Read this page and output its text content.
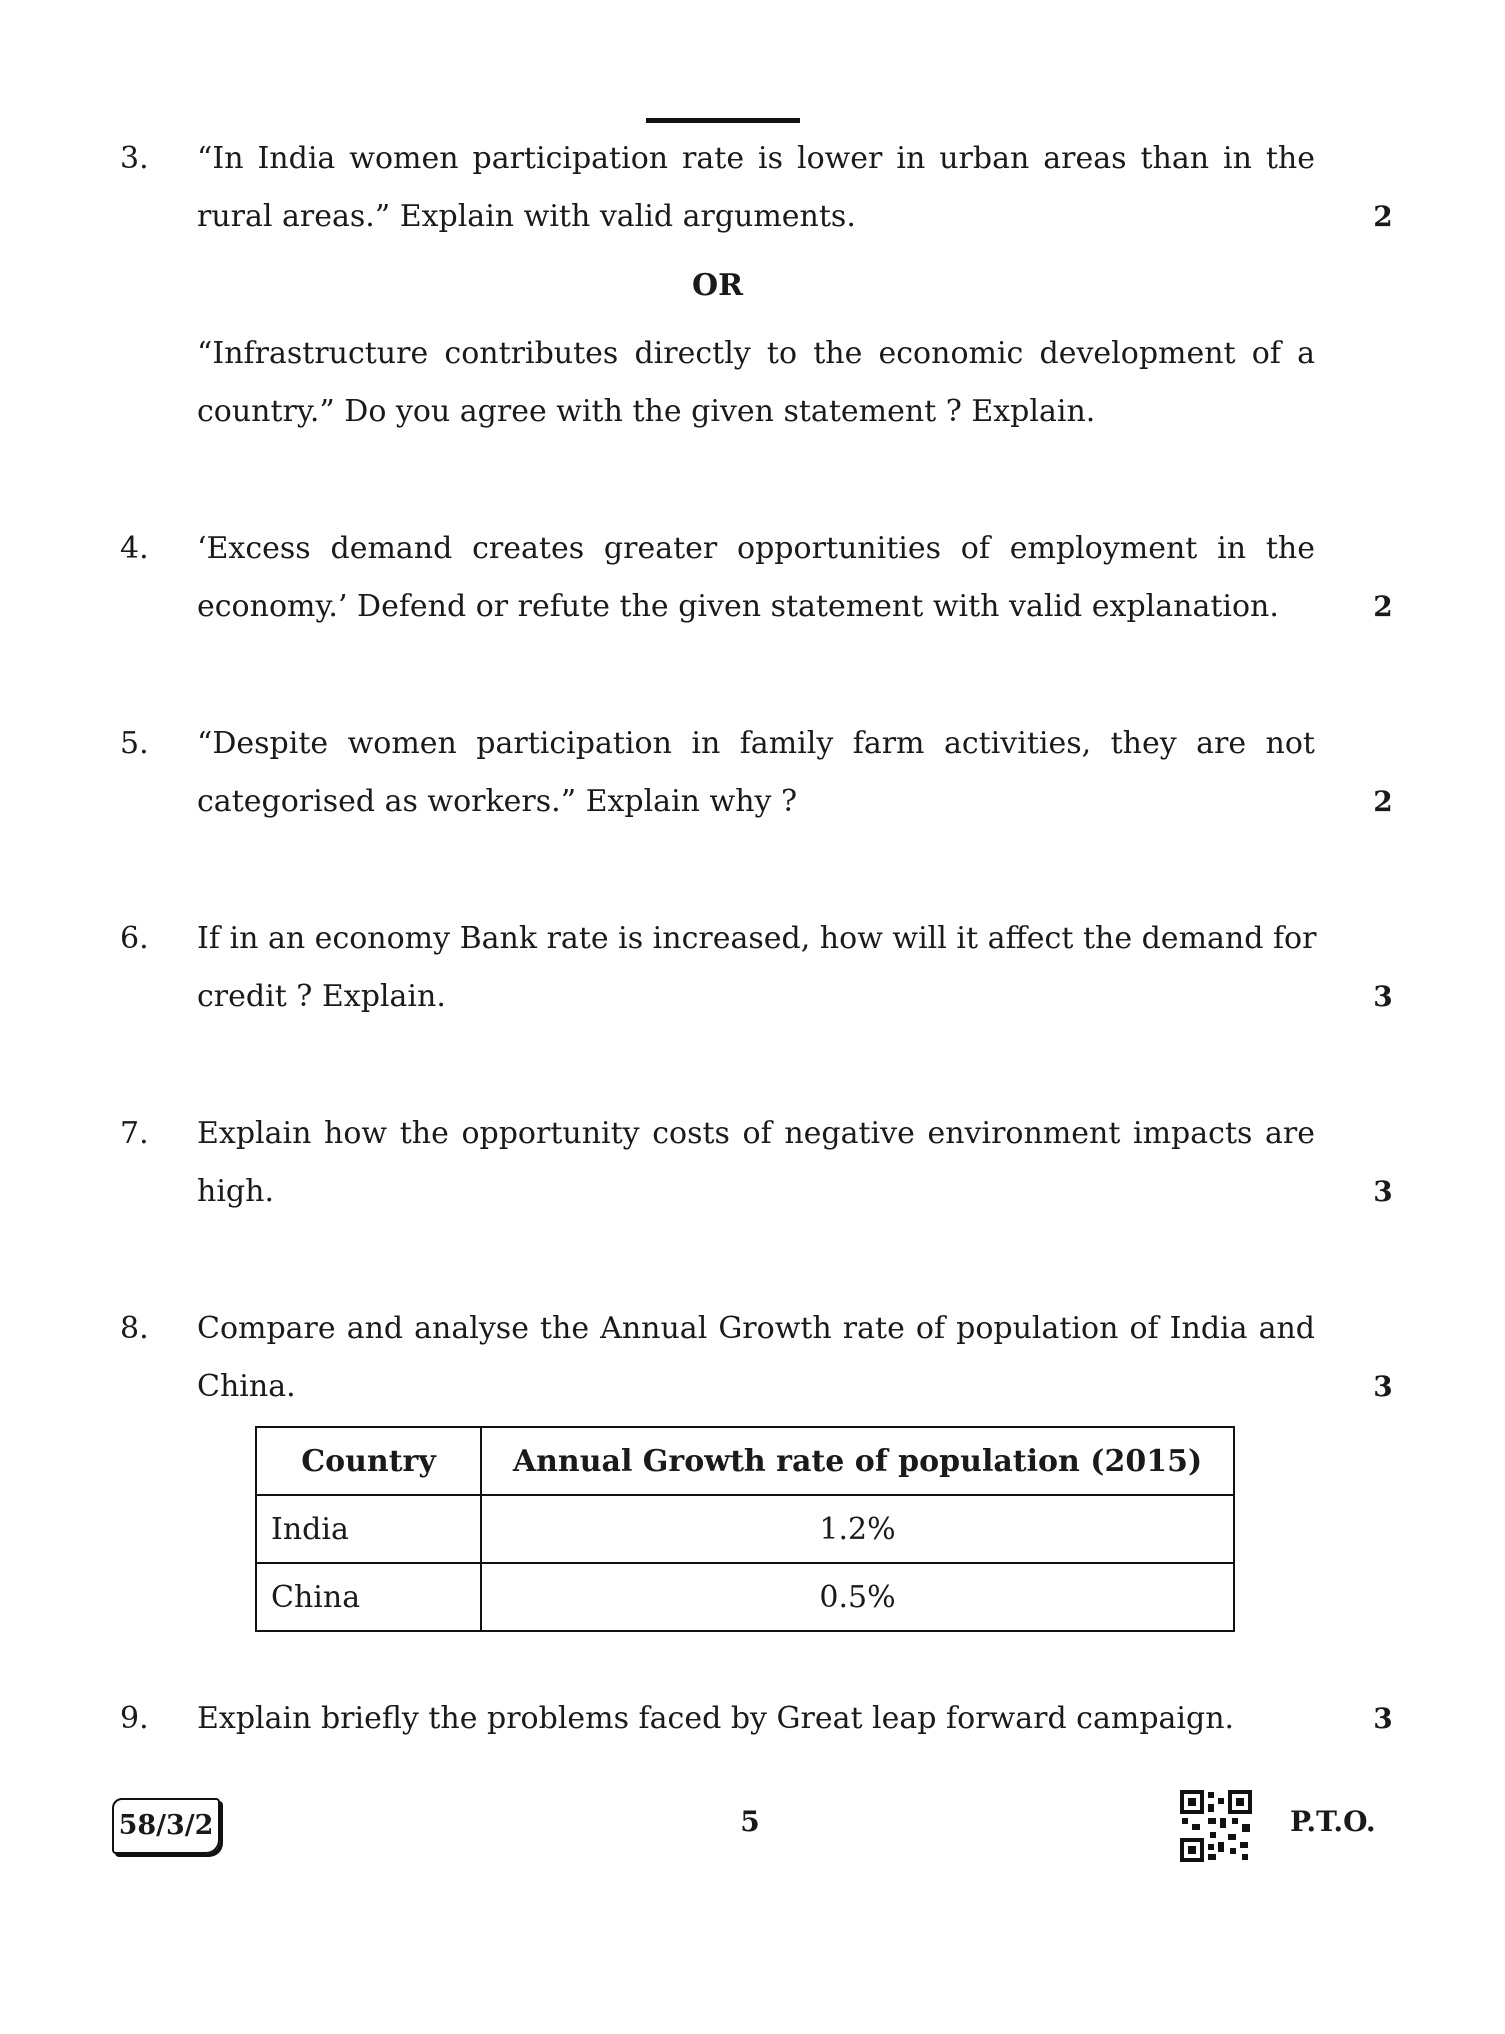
3. “In India women participation rate is lower in urban areas than in the
rural areas.” Explain with valid arguments.	2
OR
“Infrastructure contributes directly to the economic development of a
country.” Do you agree with the given statement ? Explain.
4. ‘Excess demand creates greater opportunities of employment in the
economy.’ Defend or refute the given statement with valid explanation.	2
5. “Despite women participation in family farm activities, they are not
categorised as workers.” Explain why ?	2
6. If in an economy Bank rate is increased, how will it affect the demand for
credit ? Explain.	3
7. Explain how the opportunity costs of negative environment impacts are
high.	3
8. Compare and analyse the Annual Growth rate of population of India and
China.	3
Country	Annual Growth rate of population (2015)
India	1.2%
China	0.5%
9. Explain briefly the problems faced by Great leap forward campaign.	3
58/3/2	5	P.T.O.
